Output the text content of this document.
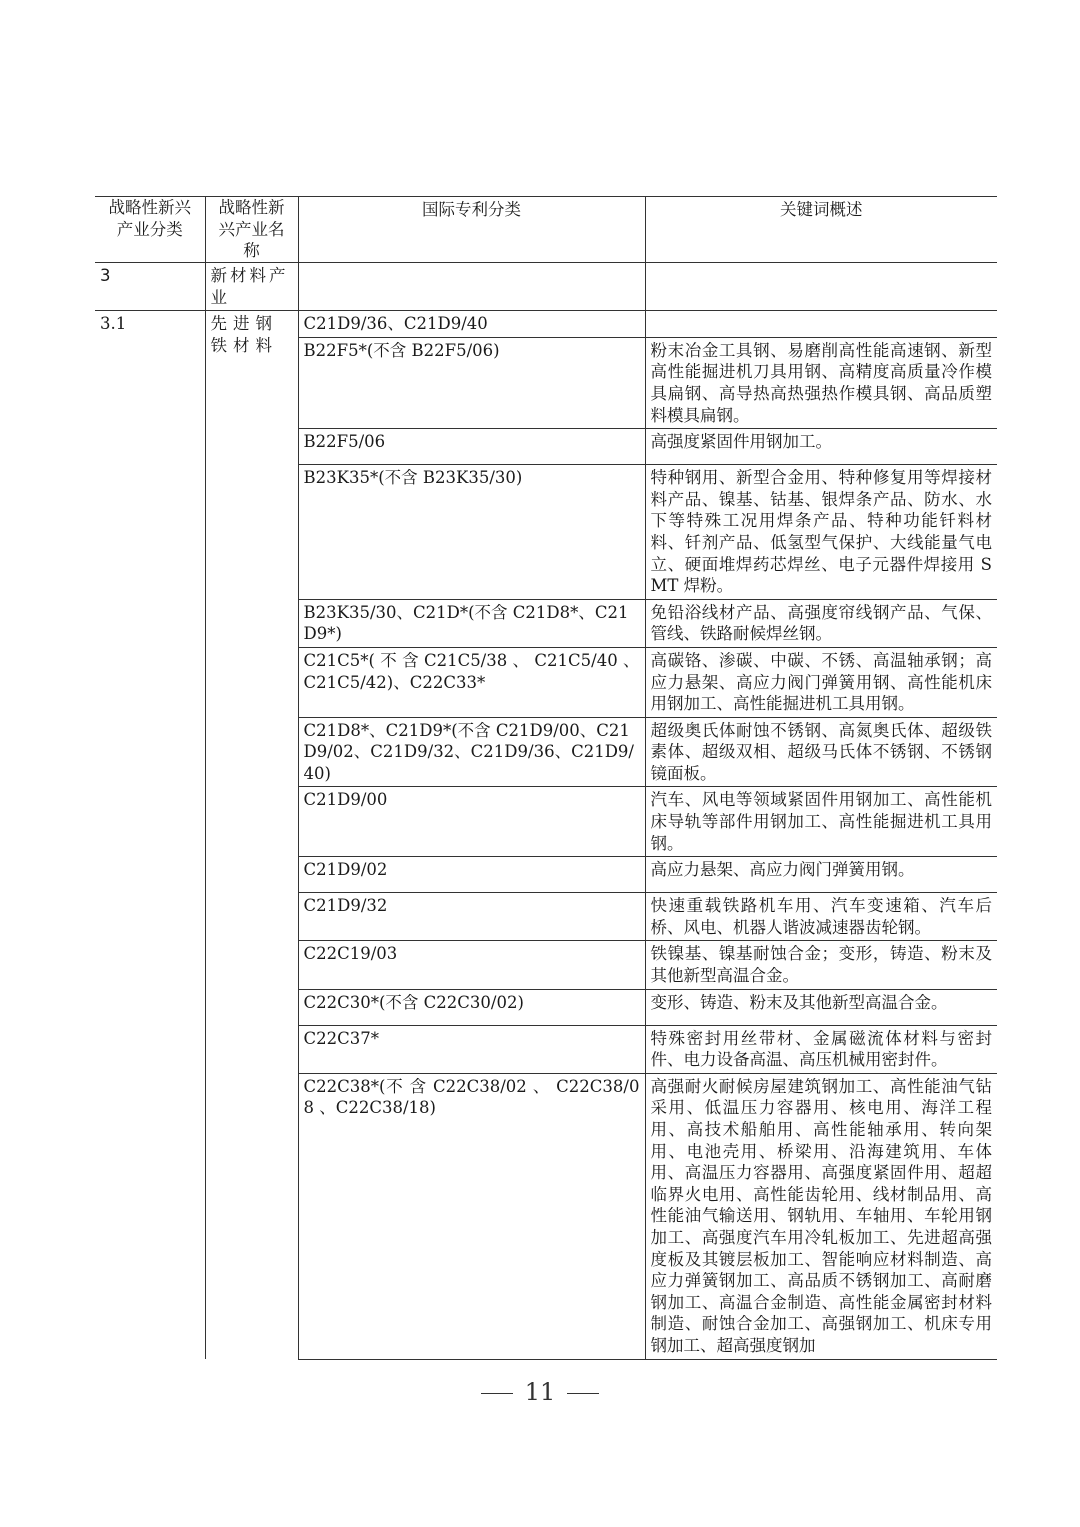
战略性新兴产业分类	战略性新兴产业名称	国际专利分类	关键词概述
3	新材料产业		
3.1	先进钢铁材料	C21D9/36、C21D9/40	
		B22F5*(不含 B22F5/06)	粉末冶金工具钢、易磨削高性能高速钢、新型高性能掘进机刀具用钢、高精度高质量冷作模具扁钢、高导热高热强热作模具钢、高品质塑料模具扁钢。
		B22F5/06	高强度紧固件用钢加工。
		B23K35*(不含 B23K35/30)	特种钢用、新型合金用、特种修复用等焊接材料产品、镍基、钴基、银焊条产品、防水、水下等特殊工况用焊条产品、特种功能钎料材料、钎剂产品、低氢型气保护、大线能量气电立、硬面堆焊药芯焊丝、电子元器件焊接用 SMT 焊粉。
		B23K35/30、C21D*(不含 C21D8*、C21D9*)	免铅浴线材产品、高强度帘线钢产品、气保、管线、铁路耐候焊丝钢。
		C21C5*( 不 含 C21C5/38 、 C21C5/40 、C21C5/42)、C22C33*	高碳铬、渗碳、中碳、不锈、高温轴承钢；高应力悬架、高应力阀门弹簧用钢、高性能机床用钢加工、高性能掘进机工具用钢。
		C21D8*、C21D9*(不含 C21D9/00、C21D9/02、C21D9/32、C21D9/36、C21D9/40)	超级奥氏体耐蚀不锈钢、高氮奥氏体、超级铁素体、超级双相、超级马氏体不锈钢、不锈钢镜面板。
		C21D9/00	汽车、风电等领域紧固件用钢加工、高性能机床导轨等部件用钢加工、高性能掘进机工具用钢。
		C21D9/02	高应力悬架、高应力阀门弹簧用钢。
		C21D9/32	快速重载铁路机车用、汽车变速箱、汽车后桥、风电、机器人谐波减速器齿轮钢。
		C22C19/03	铁镍基、镍基耐蚀合金；变形，铸造、粉末及其他新型高温合金。
		C22C30*(不含 C22C30/02)	变形、铸造、粉末及其他新型高温合金。
		C22C37*	特殊密封用丝带材、金属磁流体材料与密封件、电力设备高温、高压机械用密封件。
		C22C38*(不 含 C22C38/02 、 C22C38/08 、C22C38/18)	高强耐火耐候房屋建筑钢加工、高性能油气钻采用、低温压力容器用、核电用、海洋工程用、高技术船舶用、高性能轴承用、转向架用、电池壳用、桥梁用、沿海建筑用、车体用、高温压力容器用、高强度紧固件用、超超临界火电用、高性能齿轮用、线材制品用、高性能油气输送用、钢轨用、车轴用、车轮用钢加工、高强度汽车用冷轧板加工、先进超高强度板及其镀层板加工、智能响应材料制造、高应力弹簧钢加工、高品质不锈钢加工、高耐磨钢加工、高温合金制造、高性能金属密封材料制造、耐蚀合金加工、高强钢加工、机床专用钢加工、超高强度钢加
11
